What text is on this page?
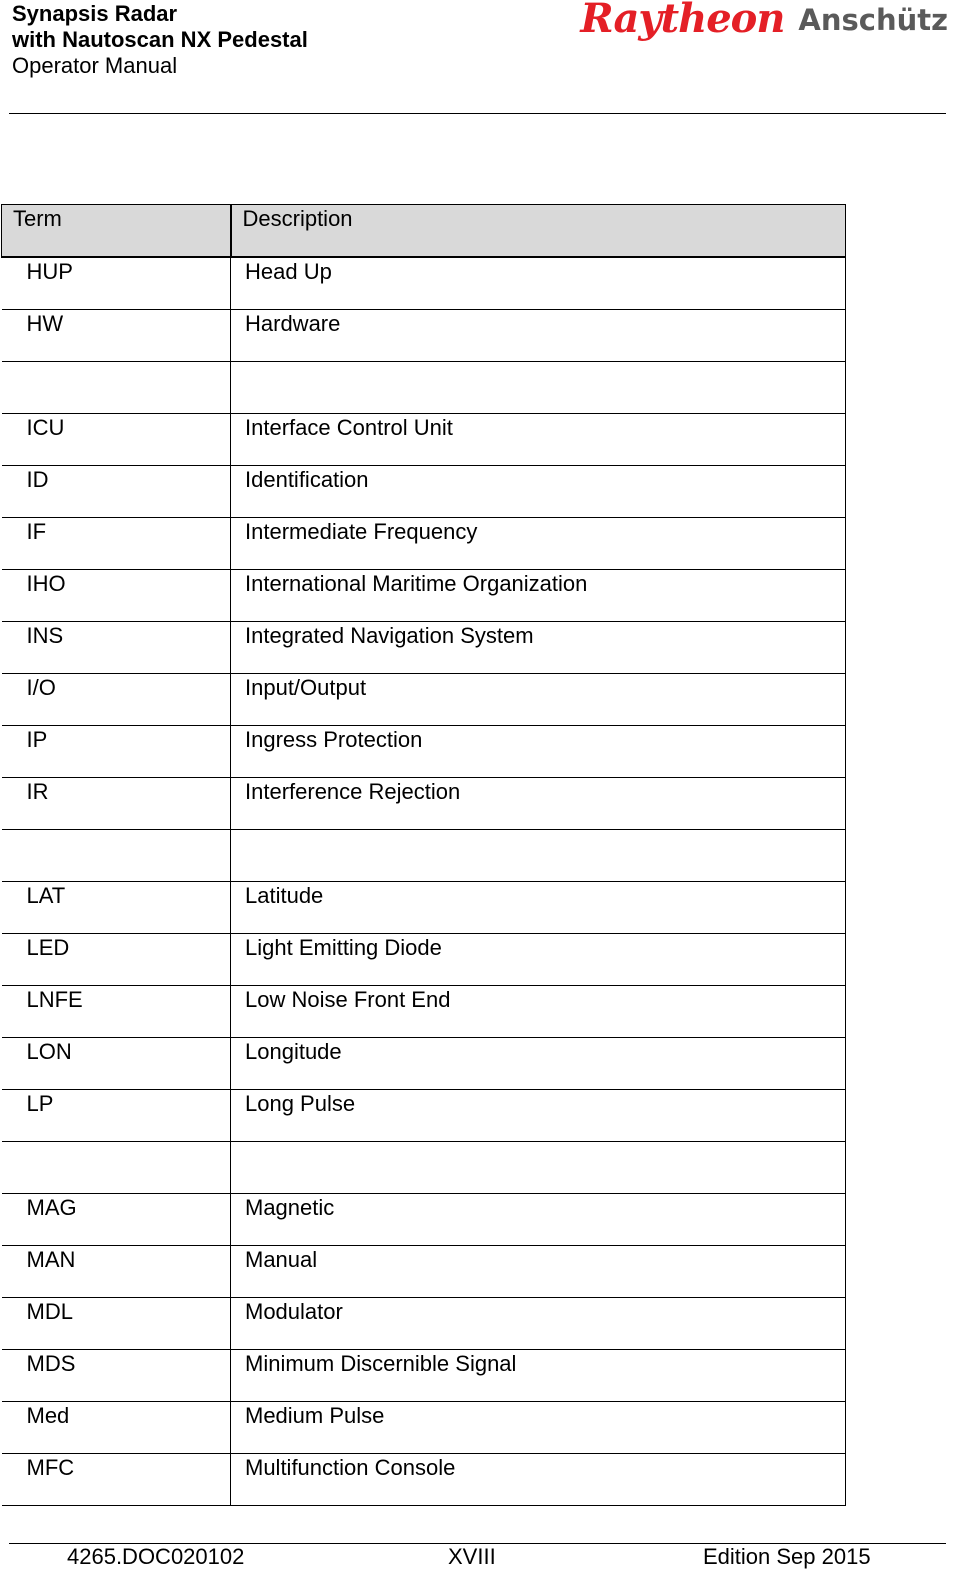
Synapsis Radar
with Nautoscan NX Pedestal
Operator Manual
Raytheon Anschütz
Term	Description
HUP	Head Up
HW	Hardware

ICU	Interface Control Unit
ID	Identification
IF	Intermediate Frequency
IHO	International Maritime Organization
INS	Integrated Navigation System
I/O	Input/Output
IP	Ingress Protection
IR	Interference Rejection

LAT	Latitude
LED	Light Emitting Diode
LNFE	Low Noise Front End
LON	Longitude
LP	Long Pulse

MAG	Magnetic
MAN	Manual
MDL	Modulator
MDS	Minimum Discernible Signal
Med	Medium Pulse
MFC	Multifunction Console
4265.DOC020102	XVIII	Edition Sep 2015
